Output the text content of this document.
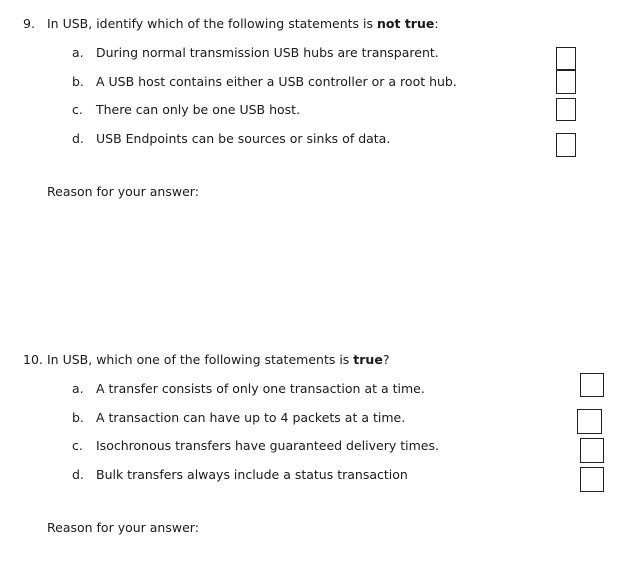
9. In USB, identify which of the following statements is not true:
a. During normal transmission USB hubs are transparent.
b. A USB host contains either a USB controller or a root hub.
c. There can only be one USB host.
d. USB Endpoints can be sources or sinks of data.
Reason for your answer:
10. In USB, which one of the following statements is true?
a. A transfer consists of only one transaction at a time.
b. A transaction can have up to 4 packets at a time.
c. Isochronous transfers have guaranteed delivery times.
d. Bulk transfers always include a status transaction
Reason for your answer:
